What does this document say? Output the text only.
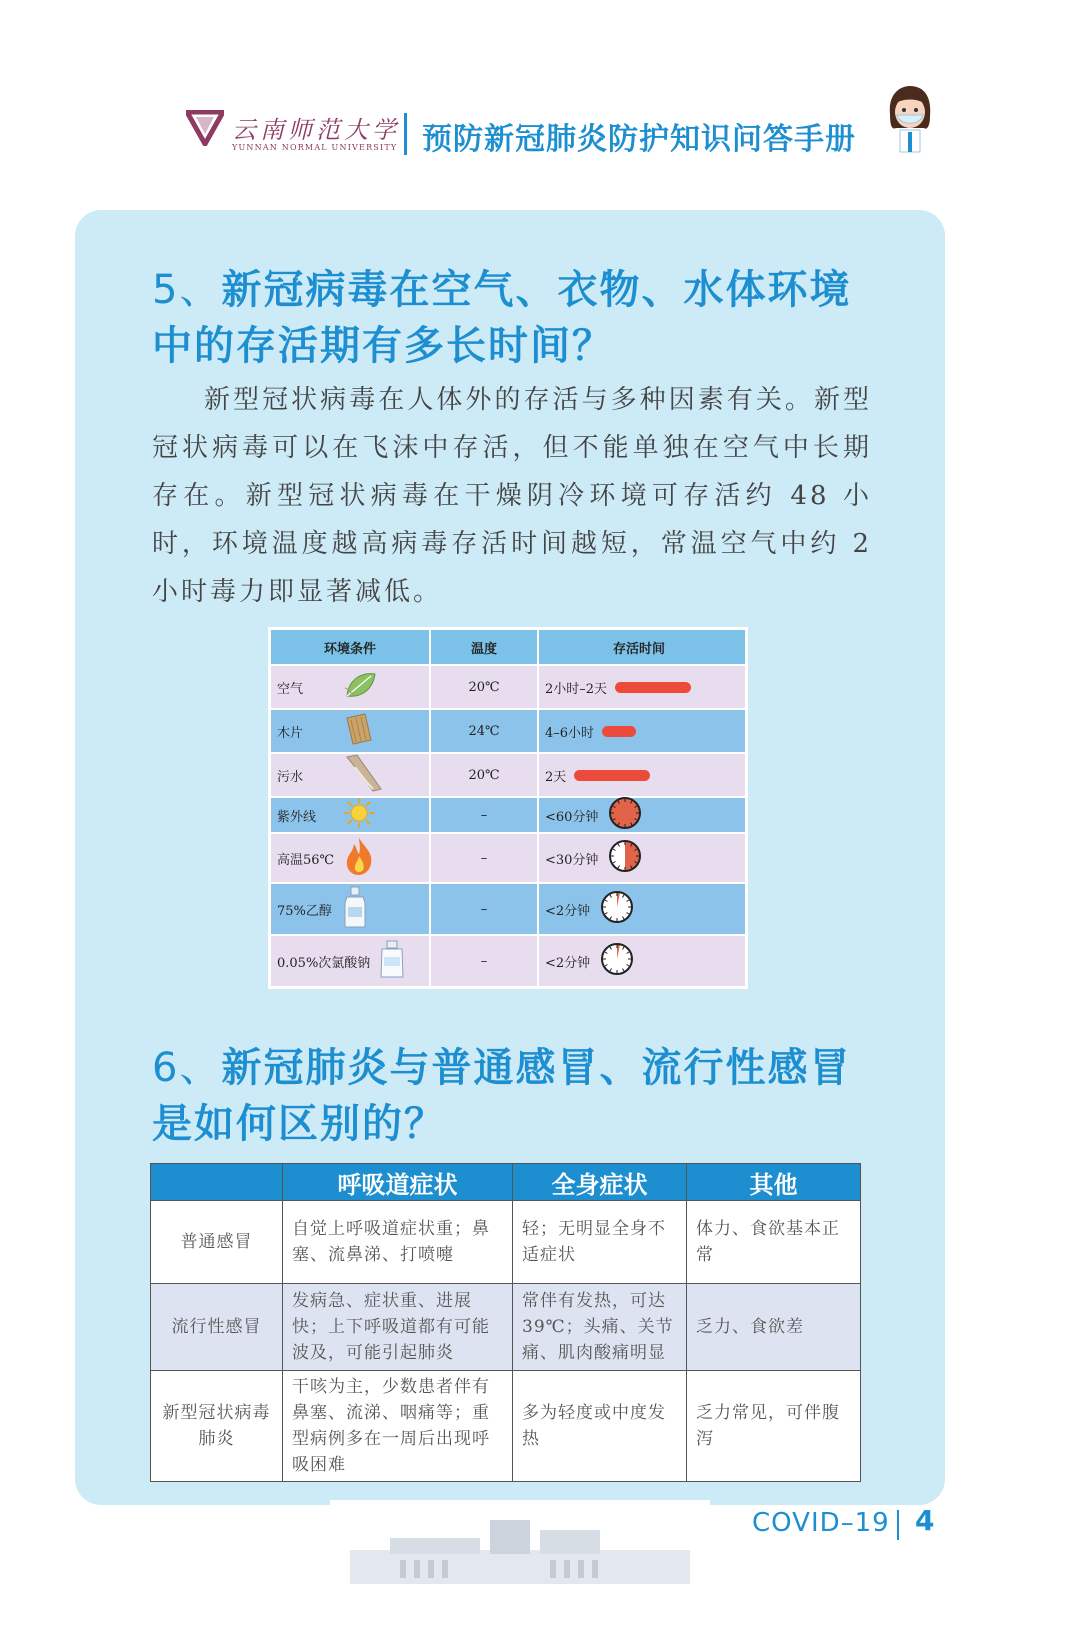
云南师范大学
YUNNAN NORMAL UNIVERSITY 预防新冠肺炎防护知识问答手册
5、新冠病毒在空气、衣物、水体环境中的存活期有多长时间？
新型冠状病毒在人体外的存活与多种因素有关。新型冠状病毒可以在飞沫中存活，但不能单独在空气中长期存在。新型冠状病毒在干燥阴冷环境可存活约 48 小时，环境温度越高病毒存活时间越短，常温空气中约 2 小时毒力即显著减低。
环境条件	温度	存活时间
空气	20℃	2小时–2天
木片	24℃	4–6小时
污水	20℃	2天
紫外线	–	<60分钟
高温56℃	–	<30分钟
75%乙醇	–	<2分钟
0.05%次氯酸钠	–	<2分钟
6、新冠肺炎与普通感冒、流行性感冒是如何区别的？
	呼吸道症状	全身症状	其他
普通感冒	自觉上呼吸道症状重；鼻塞、流鼻涕、打喷嚏	轻；无明显全身不适症状	体力、食欲基本正常
流行性感冒	发病急、症状重、进展快；上下呼吸道都有可能波及，可能引起肺炎	常伴有发热，可达39℃；头痛、关节痛、肌肉酸痛明显	乏力、食欲差
新型冠状病毒肺炎	干咳为主，少数患者伴有鼻塞、流涕、咽痛等；重型病例多在一周后出现呼吸困难	多为轻度或中度发热	乏力常见，可伴腹泻
COVID–19 4
